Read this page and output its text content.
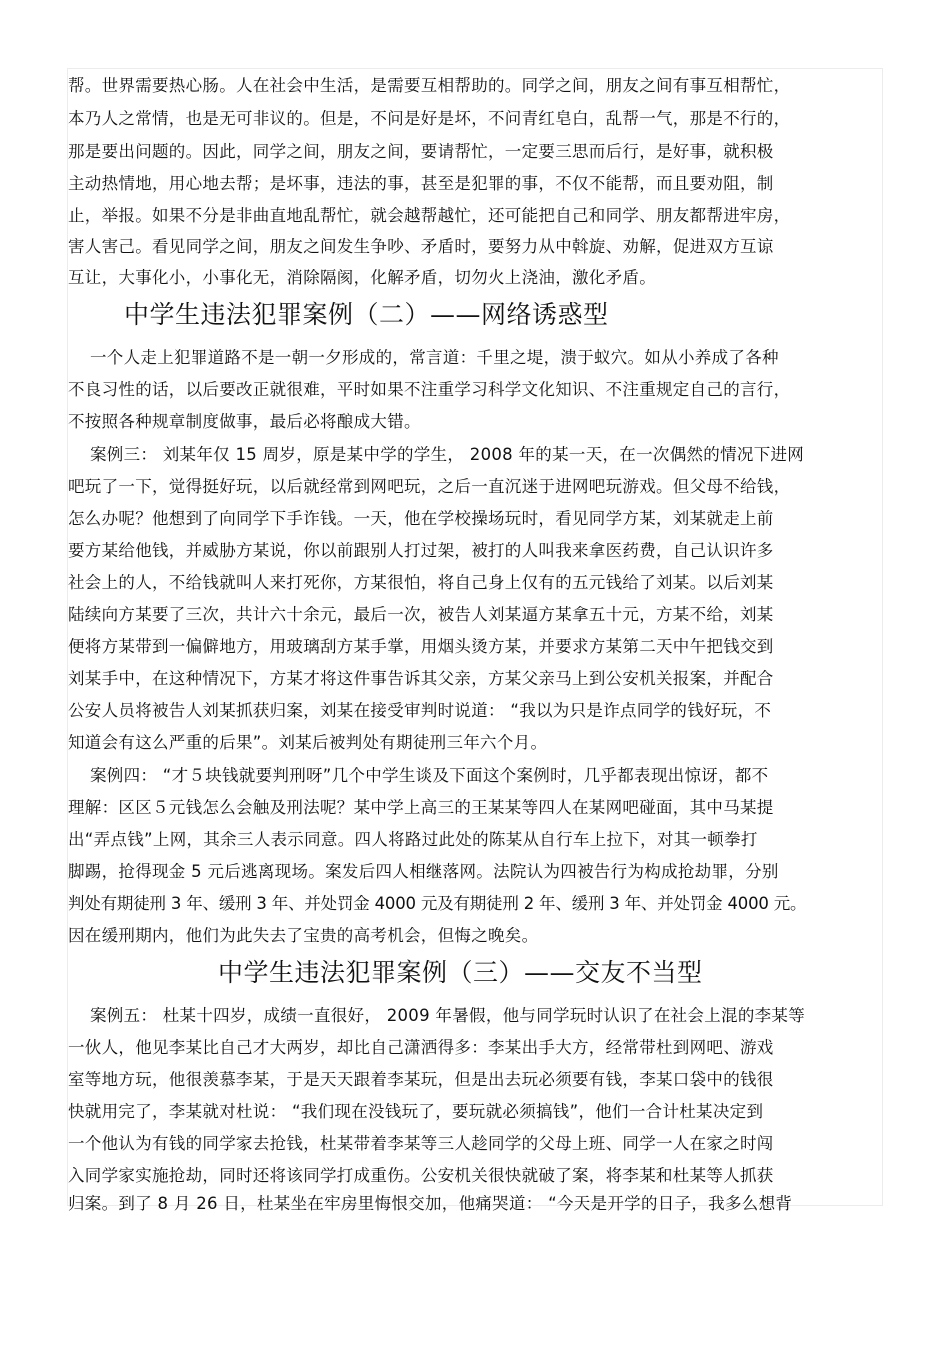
帮。世界需要热心肠。人在社会中生活，是需要互相帮助的。同学之间，朋友之间有事互相帮忙，
本乃人之常情，也是无可非议的。但是，不问是好是坏，不问青红皂白，乱帮一气，那是不行的，
那是要出问题的。因此，同学之间，朋友之间，要请帮忙，一定要三思而后行，是好事，就积极
主动热情地，用心地去帮；是坏事，违法的事，甚至是犯罪的事，不仅不能帮，而且要劝阻，制
止，举报。如果不分是非曲直地乱帮忙，就会越帮越忙，还可能把自己和同学、朋友都帮进牢房，
害人害己。看见同学之间，朋友之间发生争吵、矛盾时，要努力从中斡旋、劝解，促进双方互谅
互让，大事化小，小事化无，消除隔阂，化解矛盾，切勿火上浇油，激化矛盾。
中学生违法犯罪案例（二）——网络诱惑型
一个人走上犯罪道路不是一朝一夕形成的，常言道：千里之堤，溃于蚁穴。如从小养成了各种
不良习性的话，以后要改正就很难，平时如果不注重学习科学文化知识、不注重规定自己的言行，
不按照各种规章制度做事，最后必将酿成大错。
案例三： 刘某年仅 15 周岁，原是某中学的学生， 2008 年的某一天，在一次偶然的情况下进网
吧玩了一下，觉得挺好玩，以后就经常到网吧玩，之后一直沉迷于进网吧玩游戏。但父母不给钱，
怎么办呢？他想到了向同学下手诈钱。一天，他在学校操场玩时，看见同学方某，刘某就走上前
要方某给他钱，并威胁方某说，你以前跟别人打过架，被打的人叫我来拿医药费，自己认识许多
社会上的人，不给钱就叫人来打死你，方某很怕，将自己身上仅有的五元钱给了刘某。以后刘某
陆续向方某要了三次，共计六十余元，最后一次，被告人刘某逼方某拿五十元，方某不给，刘某
便将方某带到一偏僻地方，用玻璃刮方某手掌，用烟头烫方某，并要求方某第二天中午把钱交到
刘某手中，在这种情况下，方某才将这件事告诉其父亲，方某父亲马上到公安机关报案，并配合
公安人员将被告人刘某抓获归案，刘某在接受审判时说道： “我以为只是诈点同学的钱好玩，不
知道会有这么严重的后果”。刘某后被判处有期徒刑三年六个月。
案例四： “才５块钱就要判刑呀”几个中学生谈及下面这个案例时，几乎都表现出惊讶，都不
理解：区区５元钱怎么会触及刑法呢？某中学上高三的王某某等四人在某网吧碰面，其中马某提
出“弄点钱”上网，其余三人表示同意。四人将路过此处的陈某从自行车上拉下，对其一顿拳打
脚踢，抢得现金 5 元后逃离现场。案发后四人相继落网。法院认为四被告行为构成抢劫罪，分别
判处有期徒刑 3 年、缓刑 3 年、并处罚金 4000 元及有期徒刑 2 年、缓刑 3 年、并处罚金 4000 元。
因在缓刑期内，他们为此失去了宝贵的高考机会，但悔之晚矣。
中学生违法犯罪案例（三）——交友不当型
案例五： 杜某十四岁，成绩一直很好， 2009 年暑假，他与同学玩时认识了在社会上混的李某等
一伙人，他见李某比自己才大两岁，却比自己潇洒得多：李某出手大方，经常带杜到网吧、游戏
室等地方玩，他很羡慕李某，于是天天跟着李某玩，但是出去玩必须要有钱，李某口袋中的钱很
快就用完了，李某就对杜说： “我们现在没钱玩了，要玩就必须搞钱”，他们一合计杜某决定到
一个他认为有钱的同学家去抢钱，杜某带着李某等三人趁同学的父母上班、同学一人在家之时闯
入同学家实施抢劫，同时还将该同学打成重伤。公安机关很快就破了案，将李某和杜某等人抓获
归案。到了 8 月 26 日，杜某坐在牢房里悔恨交加，他痛哭道： “今天是开学的日子，我多么想背
